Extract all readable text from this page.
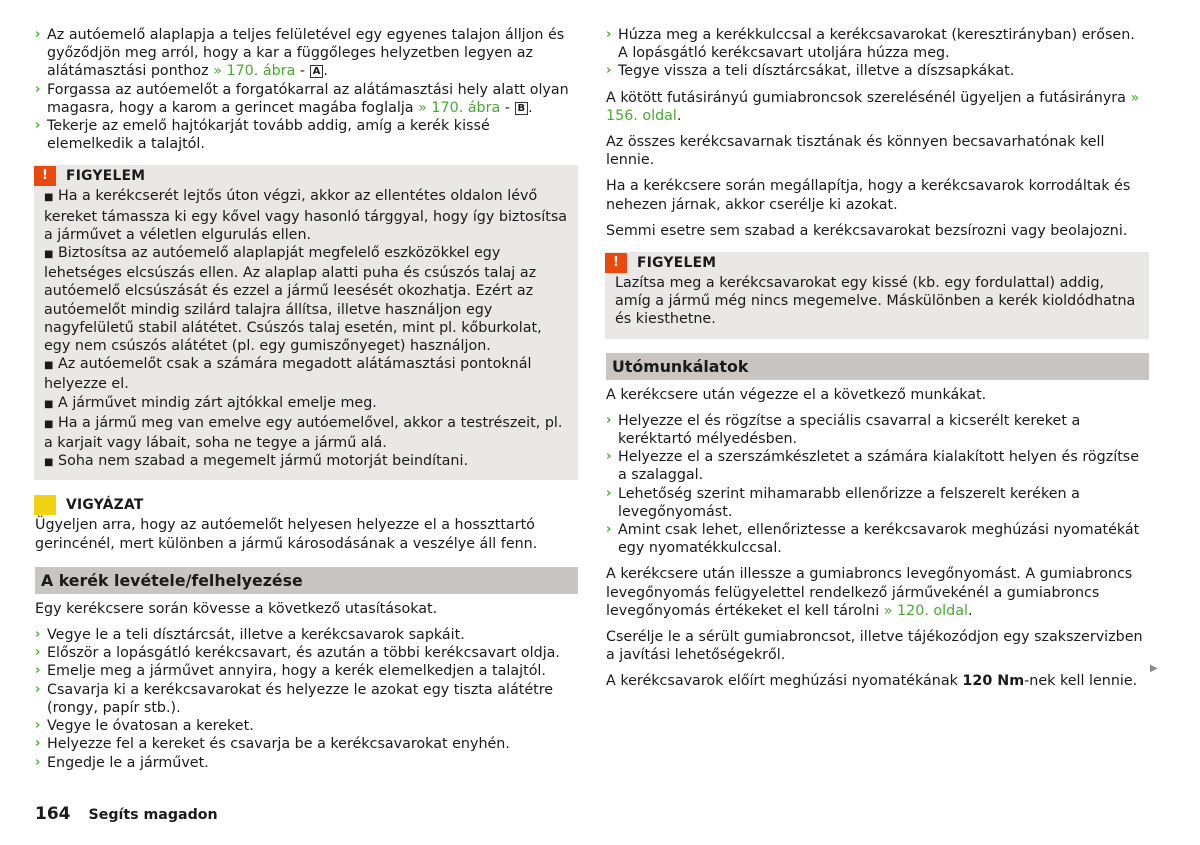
› Az autóemelő alaplapja a teljes felületével egy egyenes talajon álljon és győződjön meg arról, hogy a kar a függőleges helyzetben legyen az alátámasztási ponthoz » 170. ábra - A .
› Forgassa az autóemelőt a forgatókarral az alátámasztási hely alatt olyan magasra, hogy a karom a gerincet magába foglalja » 170. ábra - B .
› Tekerje az emelő hajtókarját tovább addig, amíg a kerék kissé elemelkedik a talajtól.
!	FIGYELEM
■ Ha a kerékcserét lejtős úton végzi, akkor az ellentétes oldalon lévő kereket támassza ki egy kővel vagy hasonló tárggyal, hogy így biztosítsa a járművet a véletlen elgurulás ellen.
■ Biztosítsa az autóemelő alaplapját megfelelő eszközökkel egy lehetséges elcsúszás ellen. Az alaplap alatti puha és csúszós talaj az autóemelő elcsúszását és ezzel a jármű leesését okozhatja. Ezért az autóemelőt mindig szilárd talajra állítsa, illetve használjon egy nagyfelületű stabil alátétet. Csúszós talaj esetén, mint pl. kőburkolat, egy nem csúszós alátétet (pl. egy gumiszőnyeget) használjon.
■ Az autóemelőt csak a számára megadott alátámasztási pontoknál helyezze el.
■ A járművet mindig zárt ajtókkal emelje meg.
■ Ha a jármű meg van emelve egy autóemelővel, akkor a testrészeit, pl. a karjait vagy lábait, soha ne tegye a jármű alá.
■ Soha nem szabad a megemelt jármű motorját beindítani.
!	VIGYÁZAT
Ügyeljen arra, hogy az autóemelőt helyesen helyezze el a hosszttartó gerincénél, mert különben a jármű károsodásának a veszélye áll fenn.
A kerék levétele/felhelyezése
Egy kerékcsere során kövesse a következő utasításokat.
› Vegye le a teli dísztárcsát, illetve a kerékcsavarok sapkáit.
› Először a lopásgátló kerékcsavart, és azután a többi kerékcsavart oldja.
› Emelje meg a járművet annyira, hogy a kerék elemelkedjen a talajtól.
› Csavarja ki a kerékcsavarokat és helyezze le azokat egy tiszta alátétre (rongy, papír stb.).
› Vegye le óvatosan a kereket.
› Helyezze fel a kereket és csavarja be a kerékcsavarokat enyhén.
› Engedje le a járművet.
› Húzza meg a kerékkulccsal a kerékcsavarokat (keresztirányban) erősen. A lopásgátló kerékcsavart utoljára húzza meg.
› Tegye vissza a teli dísztárcsákat, illetve a díszsapkákat.
A kötött futásirányú gumiabroncsok szerelésénél ügyeljen a futásirányra » 156. oldal.
Az összes kerékcsavarnak tisztának és könnyen becsavarhatónak kell lennie.
Ha a kerékcsere során megállapítja, hogy a kerékcsavarok korrodáltak és nehezen járnak, akkor cserélje ki azokat.
Semmi esetre sem szabad a kerékcsavarokat bezsírozni vagy beolajozni.
!	FIGYELEM
Lazítsa meg a kerékcsavarokat egy kissé (kb. egy fordulattal) addig, amíg a jármű még nincs megemelve. Máskülönben a kerék kioldódhatna és kiesthetne.
Utómunkálatok
A kerékcsere után végezze el a következő munkákat.
› Helyezze el és rögzítse a speciális csavarral a kicserélt kereket a keréktartó mélyedésben.
› Helyezze el a szerszámkészletet a számára kialakított helyen és rögzítse a szalaggal.
› Lehetőség szerint mihamarabb ellenőrizze a felszerelt keréken a levegőnyomást.
› Amint csak lehet, ellenőriztesse a kerékcsavarok meghúzási nyomatékát egy nyomatékkulccsal.
A kerékcsere után illessze a gumiabroncs levegőnyomást. A gumiabroncs levegőnyomás felügyelettel rendelkező járművekénél a gumiabroncs levegőnyomás értékeket el kell tárolni » 120. oldal.
Cserélje le a sérült gumiabroncsot, illetve tájékozódjon egy szakszervizben a javítási lehetőségekről.
A kerékcsavarok előírt meghúzási nyomatékának 120 Nm-nek kell lennie.
▶
164 Segíts magadon
